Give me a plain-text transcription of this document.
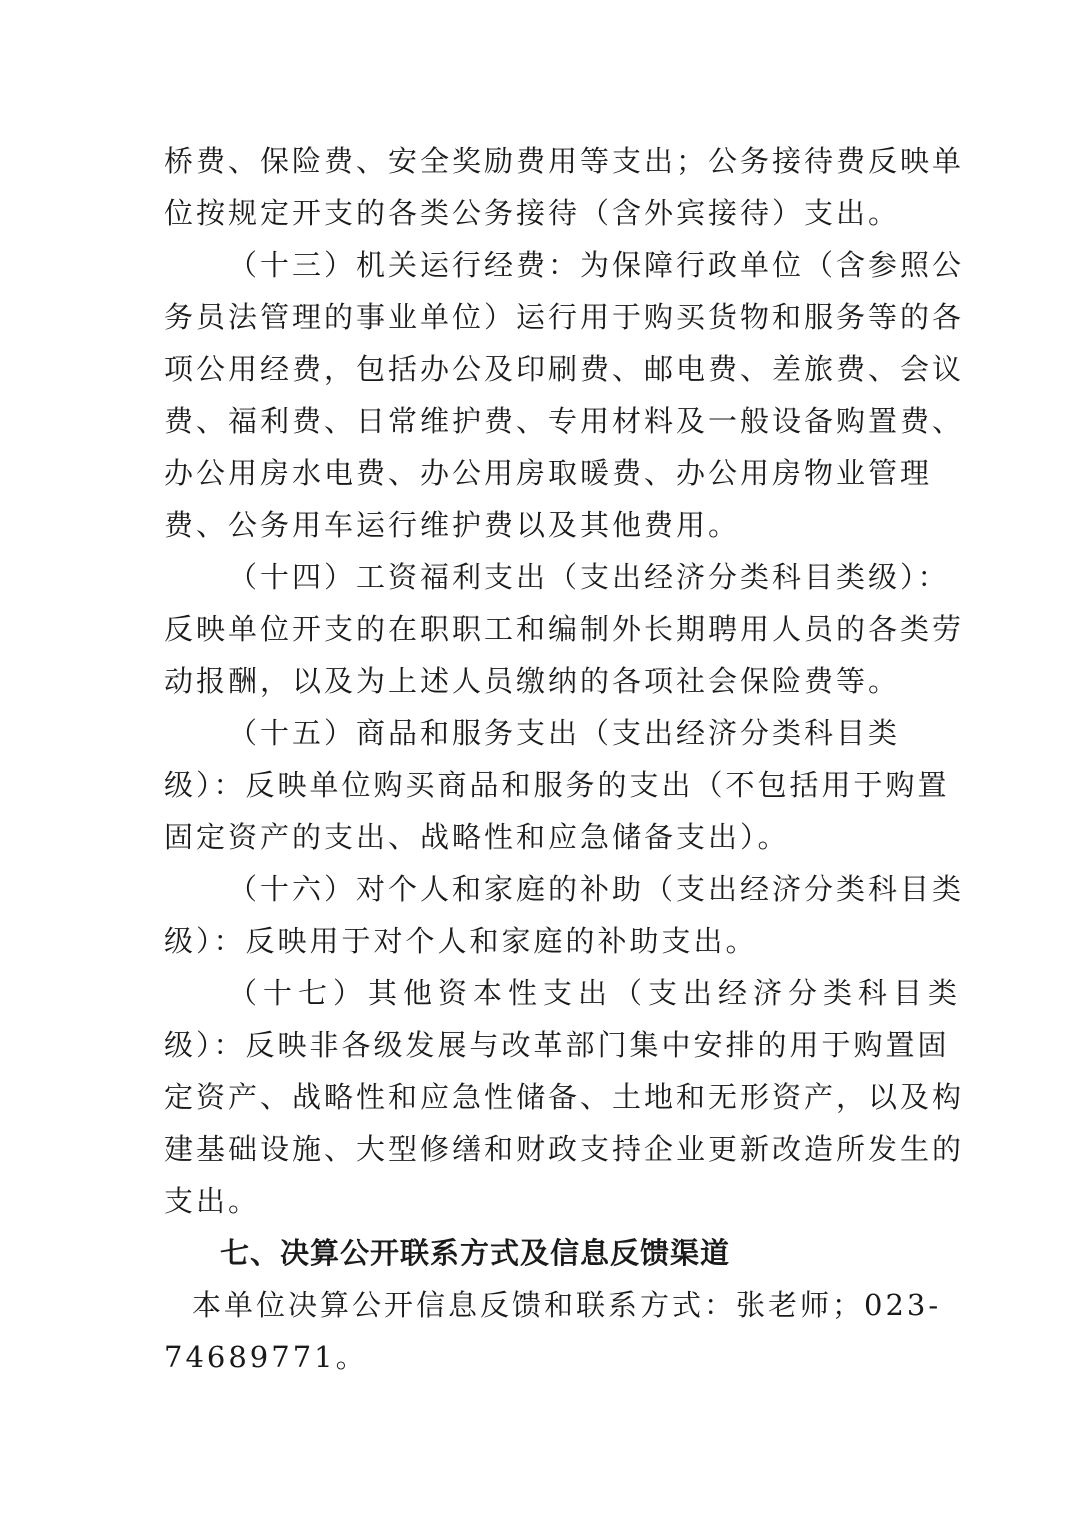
桥费、保险费、安全奖励费用等支出；公务接待费反映单
位按规定开支的各类公务接待（含外宾接待）支出。
（十三）机关运行经费：为保障行政单位（含参照公
务员法管理的事业单位）运行用于购买货物和服务等的各
项公用经费，包括办公及印刷费、邮电费、差旅费、会议
费、福利费、日常维护费、专用材料及一般设备购置费、
办公用房水电费、办公用房取暖费、办公用房物业管理
费、公务用车运行维护费以及其他费用。
（十四）工资福利支出（支出经济分类科目类级）：
反映单位开支的在职职工和编制外长期聘用人员的各类劳
动报酬，以及为上述人员缴纳的各项社会保险费等。
（十五）商品和服务支出（支出经济分类科目类
级）：反映单位购买商品和服务的支出（不包括用于购置
固定资产的支出、战略性和应急储备支出）。
（十六）对个人和家庭的补助（支出经济分类科目类
级）：反映用于对个人和家庭的补助支出。
（十七）其他资本性支出（支出经济分类科目类
级）：反映非各级发展与改革部门集中安排的用于购置固
定资产、战略性和应急性储备、土地和无形资产，以及构
建基础设施、大型修缮和财政支持企业更新改造所发生的
支出。
七、决算公开联系方式及信息反馈渠道
本单位决算公开信息反馈和联系方式：张老师；023-
74689771。
